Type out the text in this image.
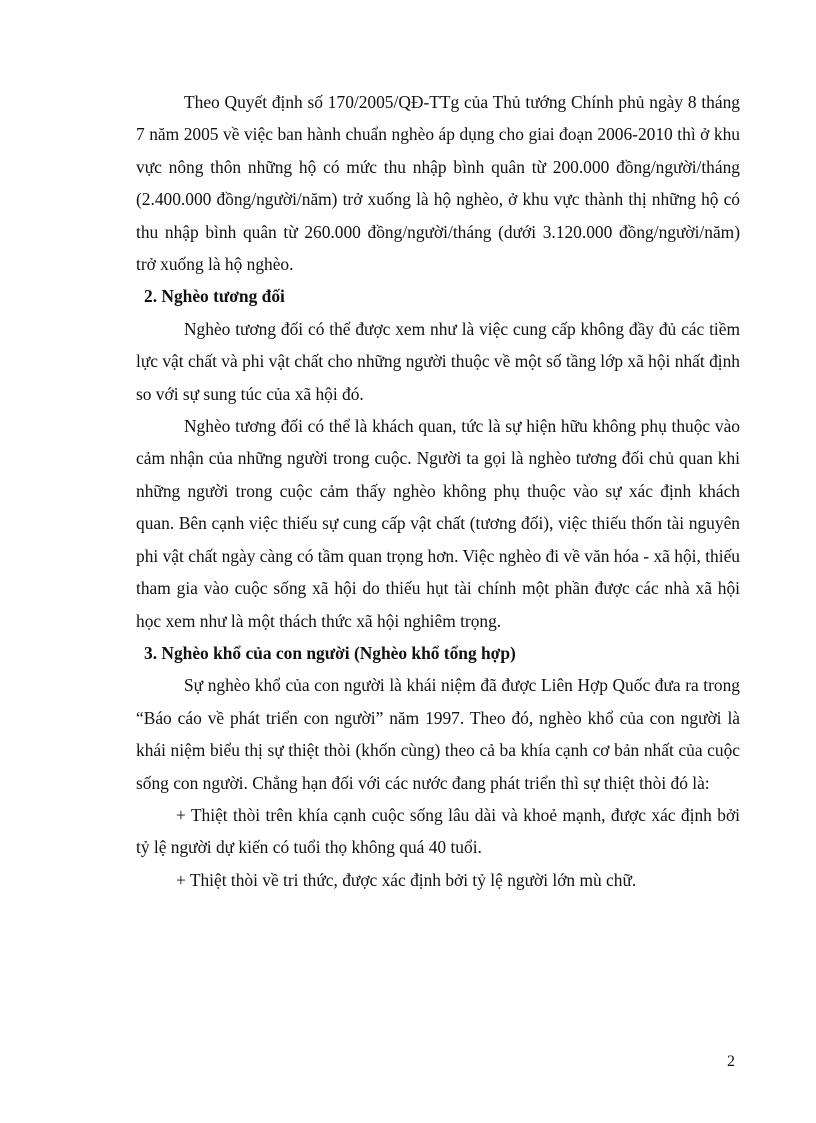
Theo Quyết định số 170/2005/QĐ-TTg của Thủ tướng Chính phủ ngày 8 tháng 7 năm 2005 về việc ban hành chuẩn nghèo áp dụng cho giai đoạn 2006-2010 thì ở khu vực nông thôn những hộ có mức thu nhập bình quân từ 200.000 đồng/người/tháng (2.400.000 đồng/người/năm) trở xuống là hộ nghèo, ở khu vực thành thị những hộ có thu nhập bình quân từ 260.000 đồng/người/tháng (dưới 3.120.000 đồng/người/năm) trở xuống là hộ nghèo.

2. Nghèo tương đối

Nghèo tương đối có thể được xem như là việc cung cấp không đầy đủ các tiềm lực vật chất và phi vật chất cho những người thuộc về một số tầng lớp xã hội nhất định so với sự sung túc của xã hội đó.

Nghèo tương đối có thể là khách quan, tức là sự hiện hữu không phụ thuộc vào cảm nhận của những người trong cuộc. Người ta gọi là nghèo tương đối chủ quan khi những người trong cuộc cảm thấy nghèo không phụ thuộc vào sự xác định khách quan. Bên cạnh việc thiếu sự cung cấp vật chất (tương đối), việc thiếu thốn tài nguyên phi vật chất ngày càng có tầm quan trọng hơn. Việc nghèo đi về văn hóa - xã hội, thiếu tham gia vào cuộc sống xã hội do thiếu hụt tài chính một phần được các nhà xã hội học xem như là một thách thức xã hội nghiêm trọng.

3. Nghèo khổ của con người (Nghèo khổ tổng hợp)

Sự nghèo khổ của con người là khái niệm đã được Liên Hợp Quốc đưa ra trong “Báo cáo về phát triển con người” năm 1997. Theo đó, nghèo khổ của con người là khái niệm biểu thị sự thiệt thòi (khốn cùng) theo cả ba khía cạnh cơ bản nhất của cuộc sống con người. Chẳng hạn đối với các nước đang phát triển thì sự thiệt thòi đó là:

+ Thiệt thòi trên khía cạnh cuộc sống lâu dài và khoẻ mạnh, được xác định bởi tỷ lệ người dự kiến có tuổi thọ không quá 40 tuổi.

+ Thiệt thòi về tri thức, được xác định bởi tỷ lệ người lớn mù chữ.

2
